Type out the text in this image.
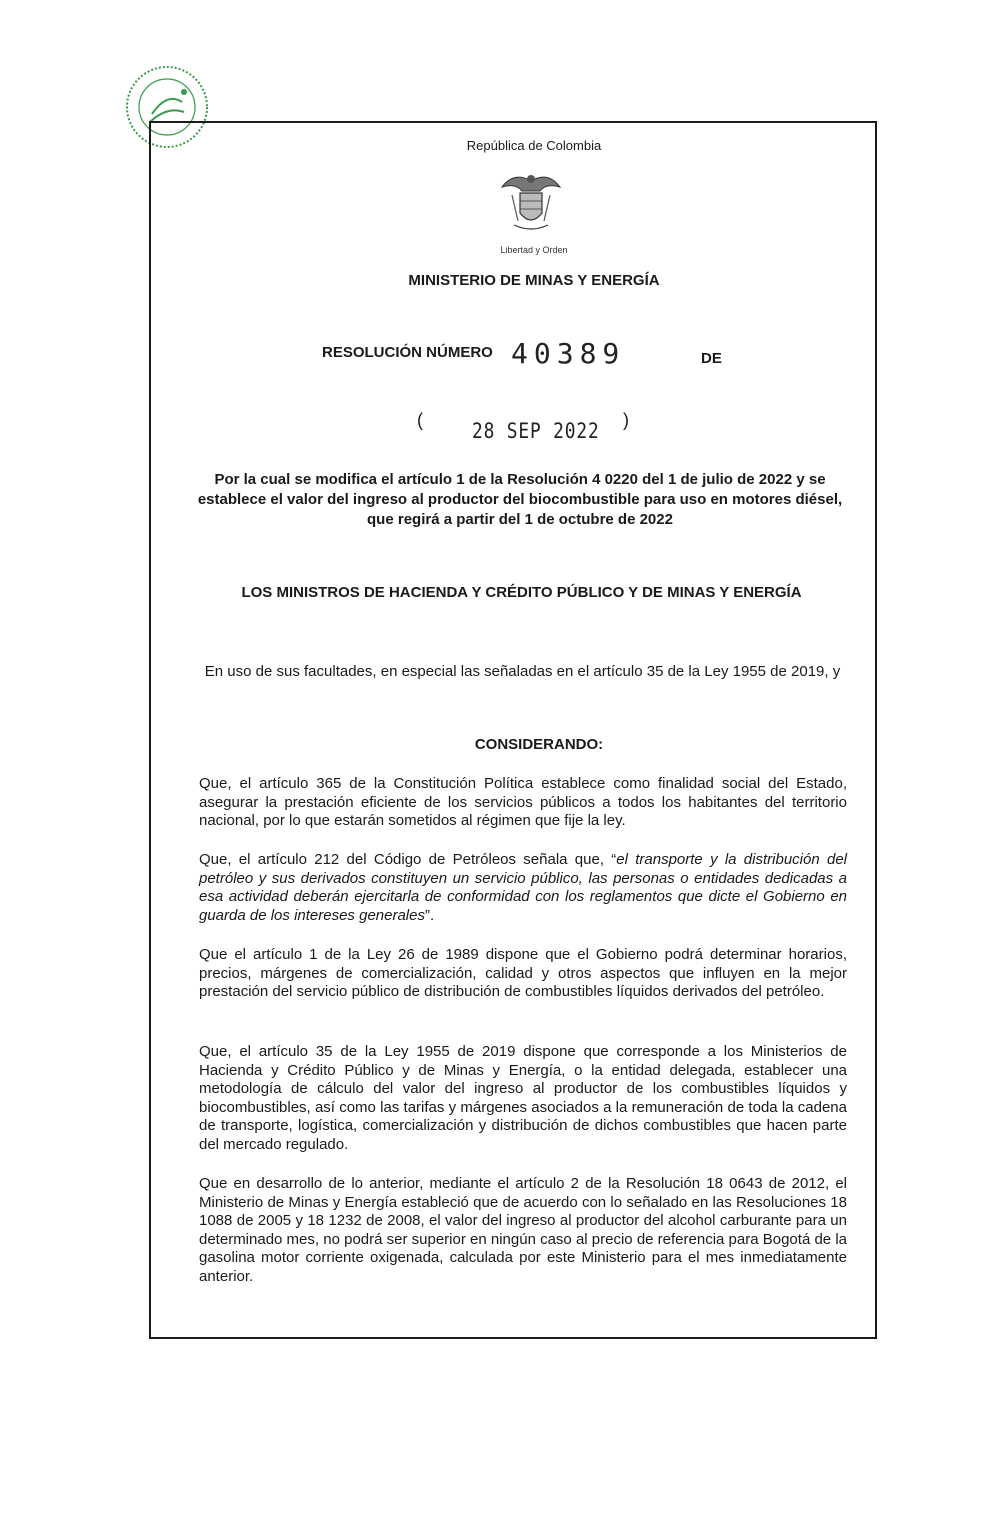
República de Colombia
Libertad y Orden
MINISTERIO DE MINAS Y ENERGÍA
RESOLUCIÓN NÚMERO 40389	DE
( 28 SEP 2022 )
Por la cual se modifica el artículo 1 de la Resolución 4 0220 del 1 de julio de 2022 y se establece el valor del ingreso al productor del biocombustible para uso en motores diésel, que regirá a partir del 1 de octubre de 2022
LOS MINISTROS DE HACIENDA Y CRÉDITO PÚBLICO Y DE MINAS Y ENERGÍA
En uso de sus facultades, en especial las señaladas en el artículo 35 de la Ley 1955 de 2019, y
CONSIDERANDO:
Que, el artículo 365 de la Constitución Política establece como finalidad social del Estado, asegurar la prestación eficiente de los servicios públicos a todos los habitantes del territorio nacional, por lo que estarán sometidos al régimen que fije la ley.
Que, el artículo 212 del Código de Petróleos señala que, “el transporte y la distribución del petróleo y sus derivados constituyen un servicio público, las personas o entidades dedicadas a esa actividad deberán ejercitarla de conformidad con los reglamentos que dicte el Gobierno en guarda de los intereses generales”.
Que el artículo 1 de la Ley 26 de 1989 dispone que el Gobierno podrá determinar horarios, precios, márgenes de comercialización, calidad y otros aspectos que influyen en la mejor prestación del servicio público de distribución de combustibles líquidos derivados del petróleo.
Que, el artículo 35 de la Ley 1955 de 2019 dispone que corresponde a los Ministerios de Hacienda y Crédito Público y de Minas y Energía, o la entidad delegada, establecer una metodología de cálculo del valor del ingreso al productor de los combustibles líquidos y biocombustibles, así como las tarifas y márgenes asociados a la remuneración de toda la cadena de transporte, logística, comercialización y distribución de dichos combustibles que hacen parte del mercado regulado.
Que en desarrollo de lo anterior, mediante el artículo 2 de la Resolución 18 0643 de 2012, el Ministerio de Minas y Energía estableció que de acuerdo con lo señalado en las Resoluciones 18 1088 de 2005 y 18 1232 de 2008, el valor del ingreso al productor del alcohol carburante para un determinado mes, no podrá ser superior en ningún caso al precio de referencia para Bogotá de la gasolina motor corriente oxigenada, calculada por este Ministerio para el mes inmediatamente anterior.
